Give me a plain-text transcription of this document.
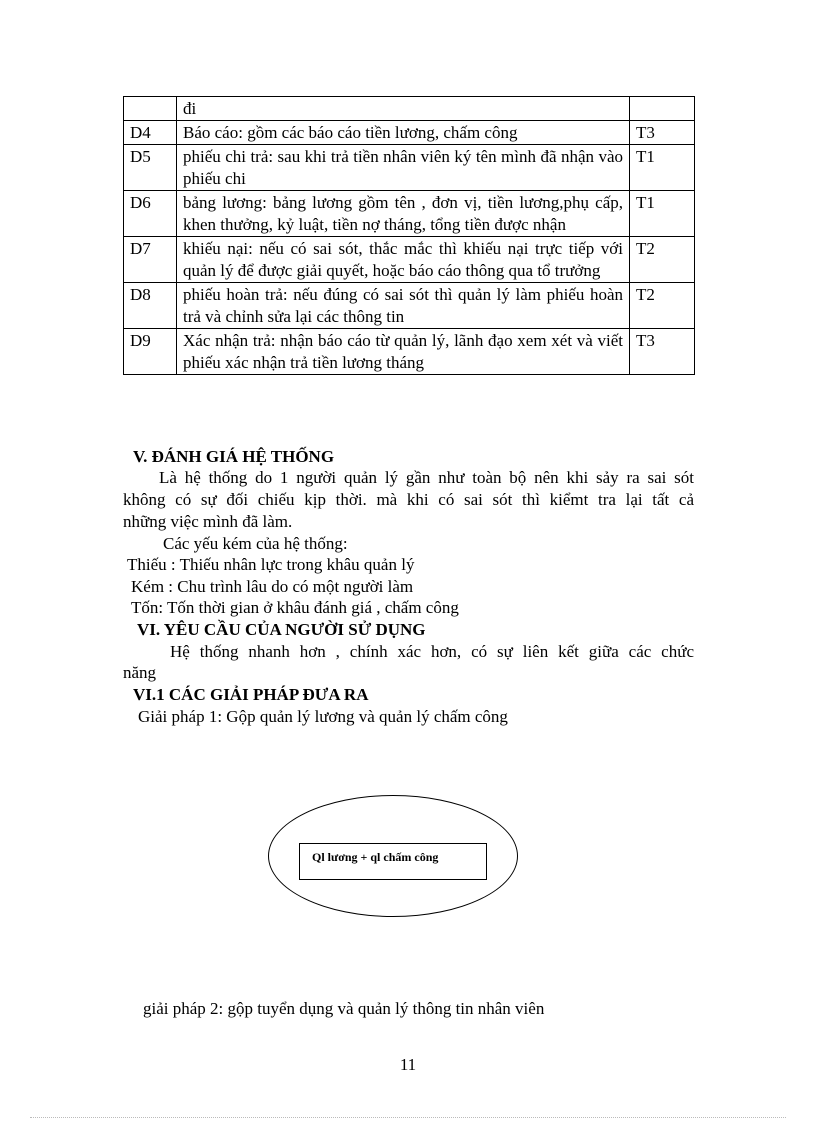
	đi	
D4	Báo cáo: gồm các báo cáo tiền lương, chấm công	T3
D5	phiếu chi trả: sau khi trả tiền nhân viên ký tên mình đã nhận vào phiếu chi	T1
D6	bảng lương: bảng lương gồm tên , đơn vị, tiền lương,phụ cấp, khen thưởng, kỷ luật, tiền nợ tháng, tổng tiền được nhận	T1
D7	khiếu nại: nếu có sai sót, thắc mắc thì khiếu nại trực tiếp với quản lý để được giải quyết, hoặc báo cáo thông qua tổ trưởng	T2
D8	phiếu hoàn trả: nếu đúng có sai sót thì quản lý làm phiếu hoàn trả và chỉnh sửa lại các thông tin	T2
D9	Xác nhận trả: nhận báo cáo từ quản lý, lãnh đạo xem xét và viết phiếu xác nhận trả tiền lương tháng	T3
V. ĐÁNH GIÁ HỆ THỐNG
Là hệ thống do 1 người quản lý gần như toàn bộ nên khi sảy ra sai sót
không có sự đối chiếu kịp thời. mà khi có sai sót thì kiểmt tra lại tất cả
những việc mình đã làm.
Các yếu kém của hệ thống:
Thiếu : Thiếu nhân lực trong khâu quản lý
Kém : Chu trình lâu do có một người làm
Tốn: Tốn thời gian ở khâu đánh giá , chấm công
VI. YÊU CẦU CỦA NGƯỜI SỬ DỤNG
Hệ thống nhanh hơn , chính xác hơn, có sự liên kết giữa các chức
năng
VI.1 CÁC GIẢI PHÁP ĐƯA RA
Giải pháp 1: Gộp quản lý lương và quản lý chấm công
Ql lương + ql chấm công
giải pháp 2: gộp tuyển dụng và quản lý thông tin nhân viên
11
